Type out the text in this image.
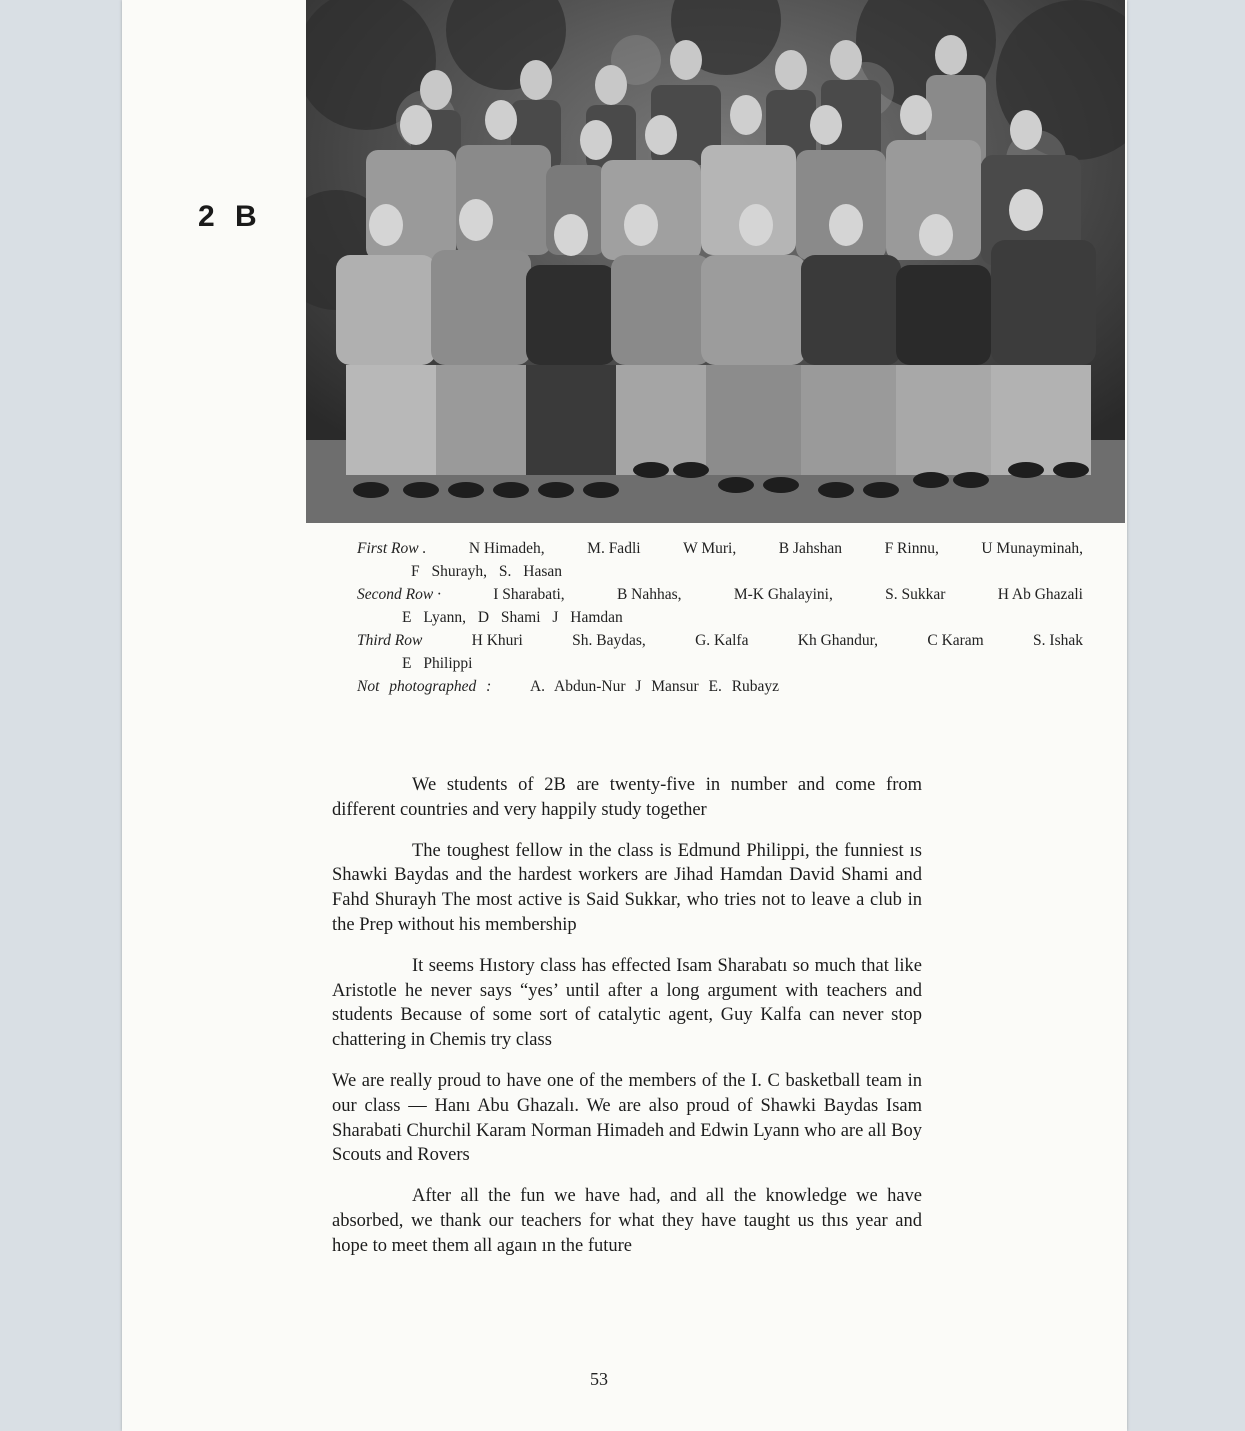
2 B
First Row .	N Himadeh,	M. Fadli	W Muri,	B Jahshan	F Rinnu,	U Munayminah,
F Shurayh, S. Hasan
Second Row ·	I Sharabati,	B Nahhas,	M-K Ghalayini,	S. Sukkar	H Ab Ghazali
E Lyann, D Shami J Hamdan
Third Row	H Khuri	Sh. Baydas,	G. Kalfa	Kh Ghandur,	C Karam	S. Ishak
E Philippi
Not photographed : A. Abdun-Nur J Mansur E. Rubayz

We students of 2B are twenty-five in number and come from different countries and very happily study together

The toughest fellow in the class is Edmund Philippi, the funniest ıs Shawki Baydas and the hardest workers are Jihad Hamdan David Shami and Fahd Shurayh The most active is Said Sukkar, who tries not to leave a club in the Prep without his membership

It seems Hıstory class has effected Isam Sharabatı so much that like Aristotle he never says “yes’ until after a long argument with teachers and students Because of some sort of catalytic agent, Guy Kalfa can never stop chattering in Chemis try class

We are really proud to have one of the members of the I. C basketball team in our class — Hanı Abu Ghazalı. We are also proud of Shawki Baydas Isam Sharabati Churchil Karam Norman Himadeh and Edwin Lyann who are all Boy Scouts and Rovers

After all the fun we have had, and all the knowledge we have absorbed, we thank our teachers for what they have taught us thıs year and hope to meet them all agaın ın the future

53
